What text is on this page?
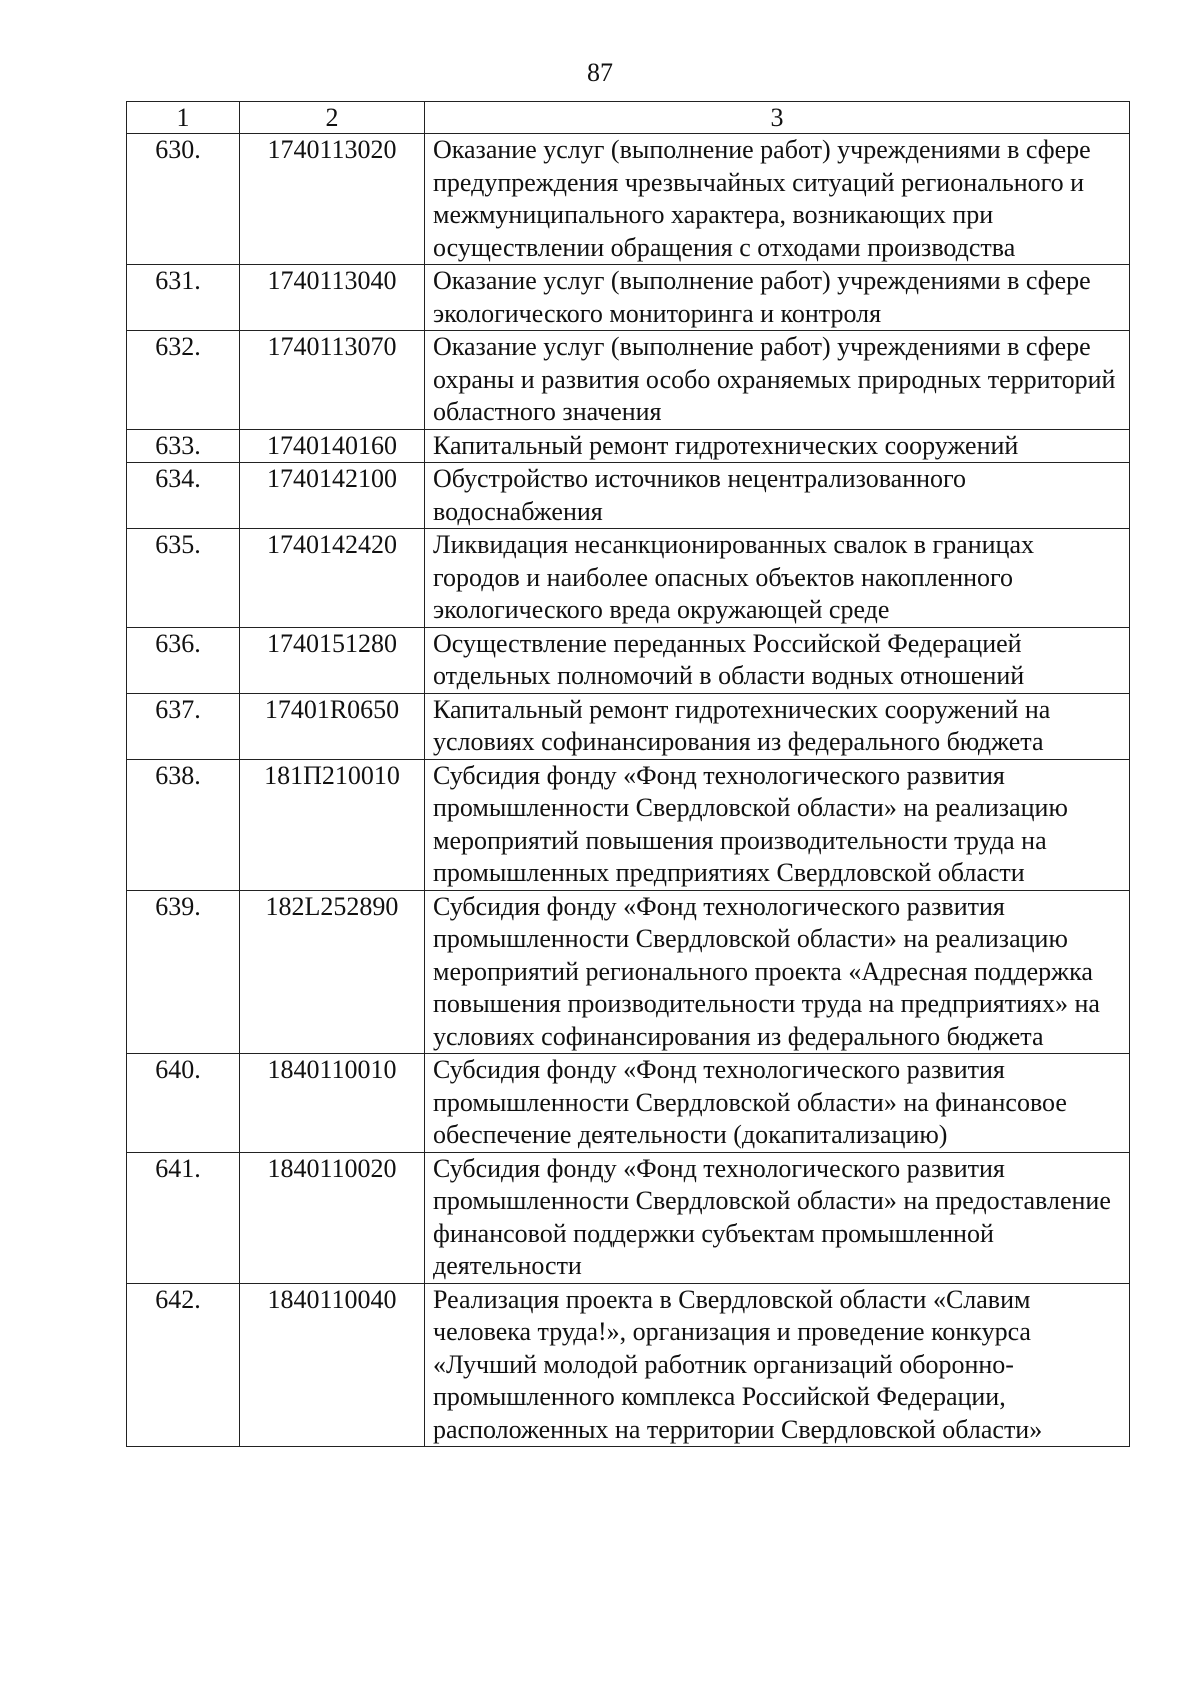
87
1	2	3
630.	1740113020	Оказание услуг (выполнение работ) учреждениями в сфере предупреждения чрезвычайных ситуаций регионального и межмуниципального характера, возникающих при осуществлении обращения с отходами производства
631.	1740113040	Оказание услуг (выполнение работ) учреждениями в сфере экологического мониторинга и контроля
632.	1740113070	Оказание услуг (выполнение работ) учреждениями в сфере охраны и развития особо охраняемых природных территорий областного значения
633.	1740140160	Капитальный ремонт гидротехнических сооружений
634.	1740142100	Обустройство источников нецентрализованного водоснабжения
635.	1740142420	Ликвидация несанкционированных свалок в границах городов и наиболее опасных объектов накопленного экологического вреда окружающей среде
636.	1740151280	Осуществление переданных Российской Федерацией отдельных полномочий в области водных отношений
637.	17401R0650	Капитальный ремонт гидротехнических сооружений на условиях софинансирования из федерального бюджета
638.	181П210010	Субсидия фонду «Фонд технологического развития промышленности Свердловской области» на реализацию мероприятий повышения производительности труда на промышленных предприятиях Свердловской области
639.	182L252890	Субсидия фонду «Фонд технологического развития промышленности Свердловской области» на реализацию мероприятий регионального проекта «Адресная поддержка повышения производительности труда на предприятиях» на условиях софинансирования из федерального бюджета
640.	1840110010	Субсидия фонду «Фонд технологического развития промышленности Свердловской области» на финансовое обеспечение деятельности (докапитализацию)
641.	1840110020	Субсидия фонду «Фонд технологического развития промышленности Свердловской области» на предоставление финансовой поддержки субъектам промышленной деятельности
642.	1840110040	Реализация проекта в Свердловской области «Славим человека труда!», организация и проведение конкурса «Лучший молодой работник организаций оборонно-промышленного комплекса Российской Федерации, расположенных на территории Свердловской области»
